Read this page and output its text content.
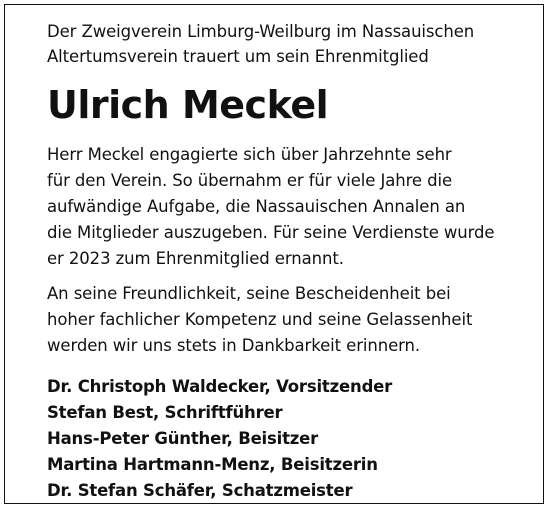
Der Zweigverein Limburg-Weilburg im Nassauischen
Altertumsverein trauert um sein Ehrenmitglied
Ulrich Meckel
Herr Meckel engagierte sich über Jahrzehnte sehr
für den Verein. So übernahm er für viele Jahre die
aufwändige Aufgabe, die Nassauischen Annalen an
die Mitglieder auszugeben. Für seine Verdienste wurde
er 2023 zum Ehrenmitglied ernannt.
An seine Freundlichkeit, seine Bescheidenheit bei
hoher fachlicher Kompetenz und seine Gelassenheit
werden wir uns stets in Dankbarkeit erinnern.
Dr. Christoph Waldecker, Vorsitzender
Stefan Best, Schriftführer
Hans-Peter Günther, Beisitzer
Martina Hartmann-Menz, Beisitzerin
Dr. Stefan Schäfer, Schatzmeister
